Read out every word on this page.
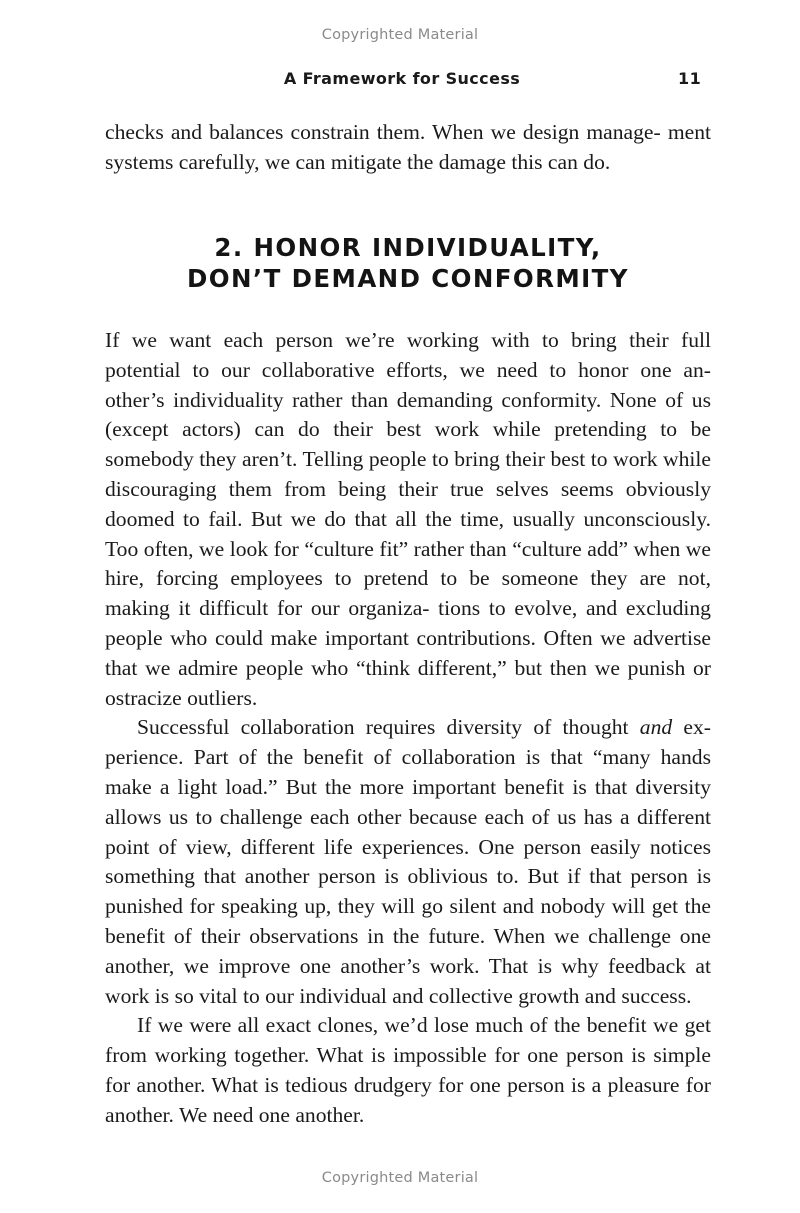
Copyrighted Material
A Framework for Success	11

checks and balances constrain them. When we design manage- ment systems carefully, we can mitigate the damage this can do.

2. HONOR INDIVIDUALITY,
DON’T DEMAND CONFORMITY

If we want each person we’re working with to bring their full potential to our collaborative efforts, we need to honor one an- other’s individuality rather than demanding conformity. None of us (except actors) can do their best work while pretending to be somebody they aren’t. Telling people to bring their best to work while discouraging them from being their true selves seems obviously doomed to fail. But we do that all the time, usually unconsciously. Too often, we look for “culture fit” rather than “culture add” when we hire, forcing employees to pretend to be someone they are not, making it difficult for our organiza- tions to evolve, and excluding people who could make important contributions. Often we advertise that we admire people who “think different,” but then we punish or ostracize outliers.

Successful collaboration requires diversity of thought and ex- perience. Part of the benefit of collaboration is that “many hands make a light load.” But the more important benefit is that diversity allows us to challenge each other because each of us has a different point of view, different life experiences. One person easily notices something that another person is oblivious to. But if that person is punished for speaking up, they will go silent and nobody will get the benefit of their observations in the future. When we challenge one another, we improve one another’s work. That is why feedback at work is so vital to our individual and collective growth and success.

If we were all exact clones, we’d lose much of the benefit we get from working together. What is impossible for one person is simple for another. What is tedious drudgery for one person is a pleasure for another. We need one another.

Copyrighted Material
